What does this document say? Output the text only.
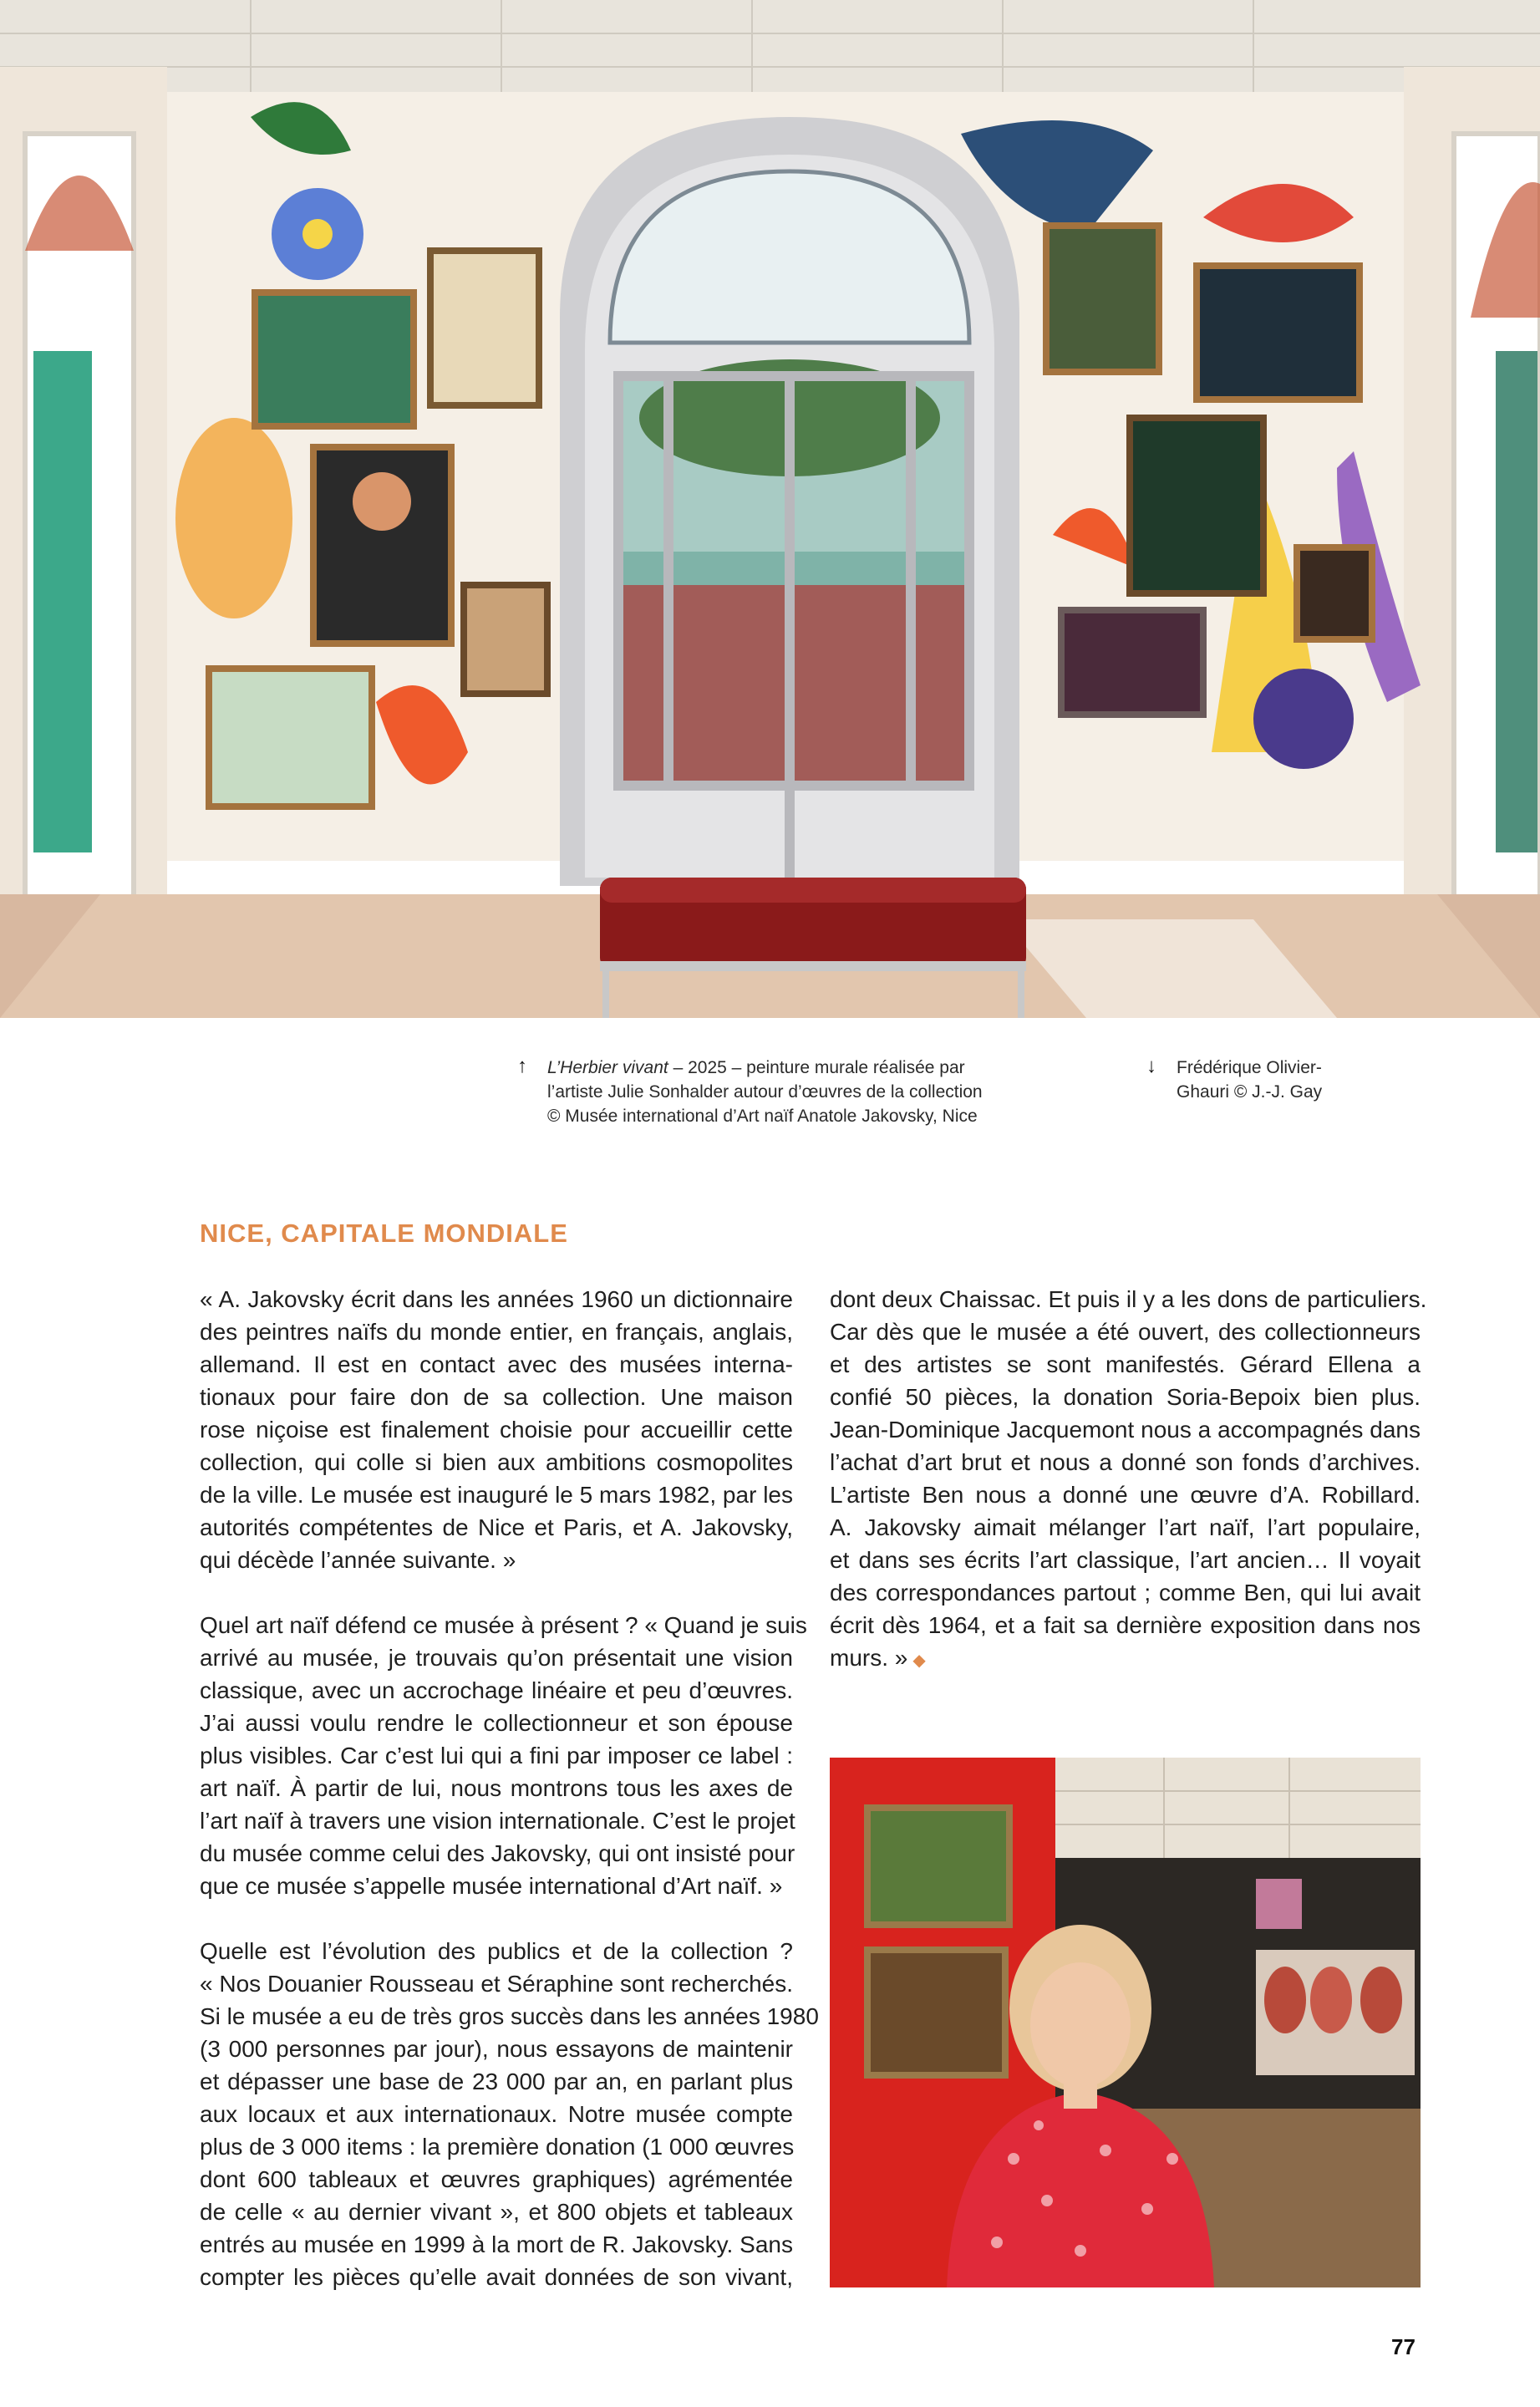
↑ L’Herbier vivant – 2025 – peinture murale réalisée par
l’artiste Julie Sonhalder autour d’œuvres de la collection
© Musée international d’Art naïf Anatole Jakovsky, Nice
↓ Frédérique Olivier-
Ghauri © J.-J. Gay
NICE, CAPITALE MONDIALE
« A. Jakovsky écrit dans les années 1960 un dictionnaire
des peintres naïfs du monde entier, en français, anglais,
allemand. Il est en contact avec des musées interna-
tionaux pour faire don de sa collection. Une maison
rose niçoise est finalement choisie pour accueillir cette
collection, qui colle si bien aux ambitions cosmopolites
de la ville. Le musée est inauguré le 5 mars 1982, par les
autorités compétentes de Nice et Paris, et A. Jakovsky,
qui décède l’année suivante. »
Quel art naïf défend ce musée à présent ? « Quand je suis
arrivé au musée, je trouvais qu’on présentait une vision
classique, avec un accrochage linéaire et peu d’œuvres.
J’ai aussi voulu rendre le collectionneur et son épouse
plus visibles. Car c’est lui qui a fini par imposer ce label :
art naïf. À partir de lui, nous montrons tous les axes de
l’art naïf à travers une vision internationale. C’est le projet
du musée comme celui des Jakovsky, qui ont insisté pour
que ce musée s’appelle musée international d’Art naïf. »
Quelle est l’évolution des publics et de la collection ?
« Nos Douanier Rousseau et Séraphine sont recherchés.
Si le musée a eu de très gros succès dans les années 1980
(3 000 personnes par jour), nous essayons de maintenir
et dépasser une base de 23 000 par an, en parlant plus
aux locaux et aux internationaux. Notre musée compte
plus de 3 000 items : la première donation (1 000 œuvres
dont 600 tableaux et œuvres graphiques) agrémentée
de celle « au dernier vivant », et 800 objets et tableaux
entrés au musée en 1999 à la mort de R. Jakovsky. Sans
compter les pièces qu’elle avait données de son vivant,
dont deux Chaissac. Et puis il y a les dons de particuliers.
Car dès que le musée a été ouvert, des collectionneurs
et des artistes se sont manifestés. Gérard Ellena a
confié 50 pièces, la donation Soria-Bepoix bien plus.
Jean-Dominique Jacquemont nous a accompagnés dans
l’achat d’art brut et nous a donné son fonds d’archives.
L’artiste Ben nous a donné une œuvre d’A. Robillard.
A. Jakovsky aimait mélanger l’art naïf, l’art populaire,
et dans ses écrits l’art classique, l’art ancien… Il voyait
des correspondances partout ; comme Ben, qui lui avait
écrit dès 1964, et a fait sa dernière exposition dans nos
murs. » ◆
77
